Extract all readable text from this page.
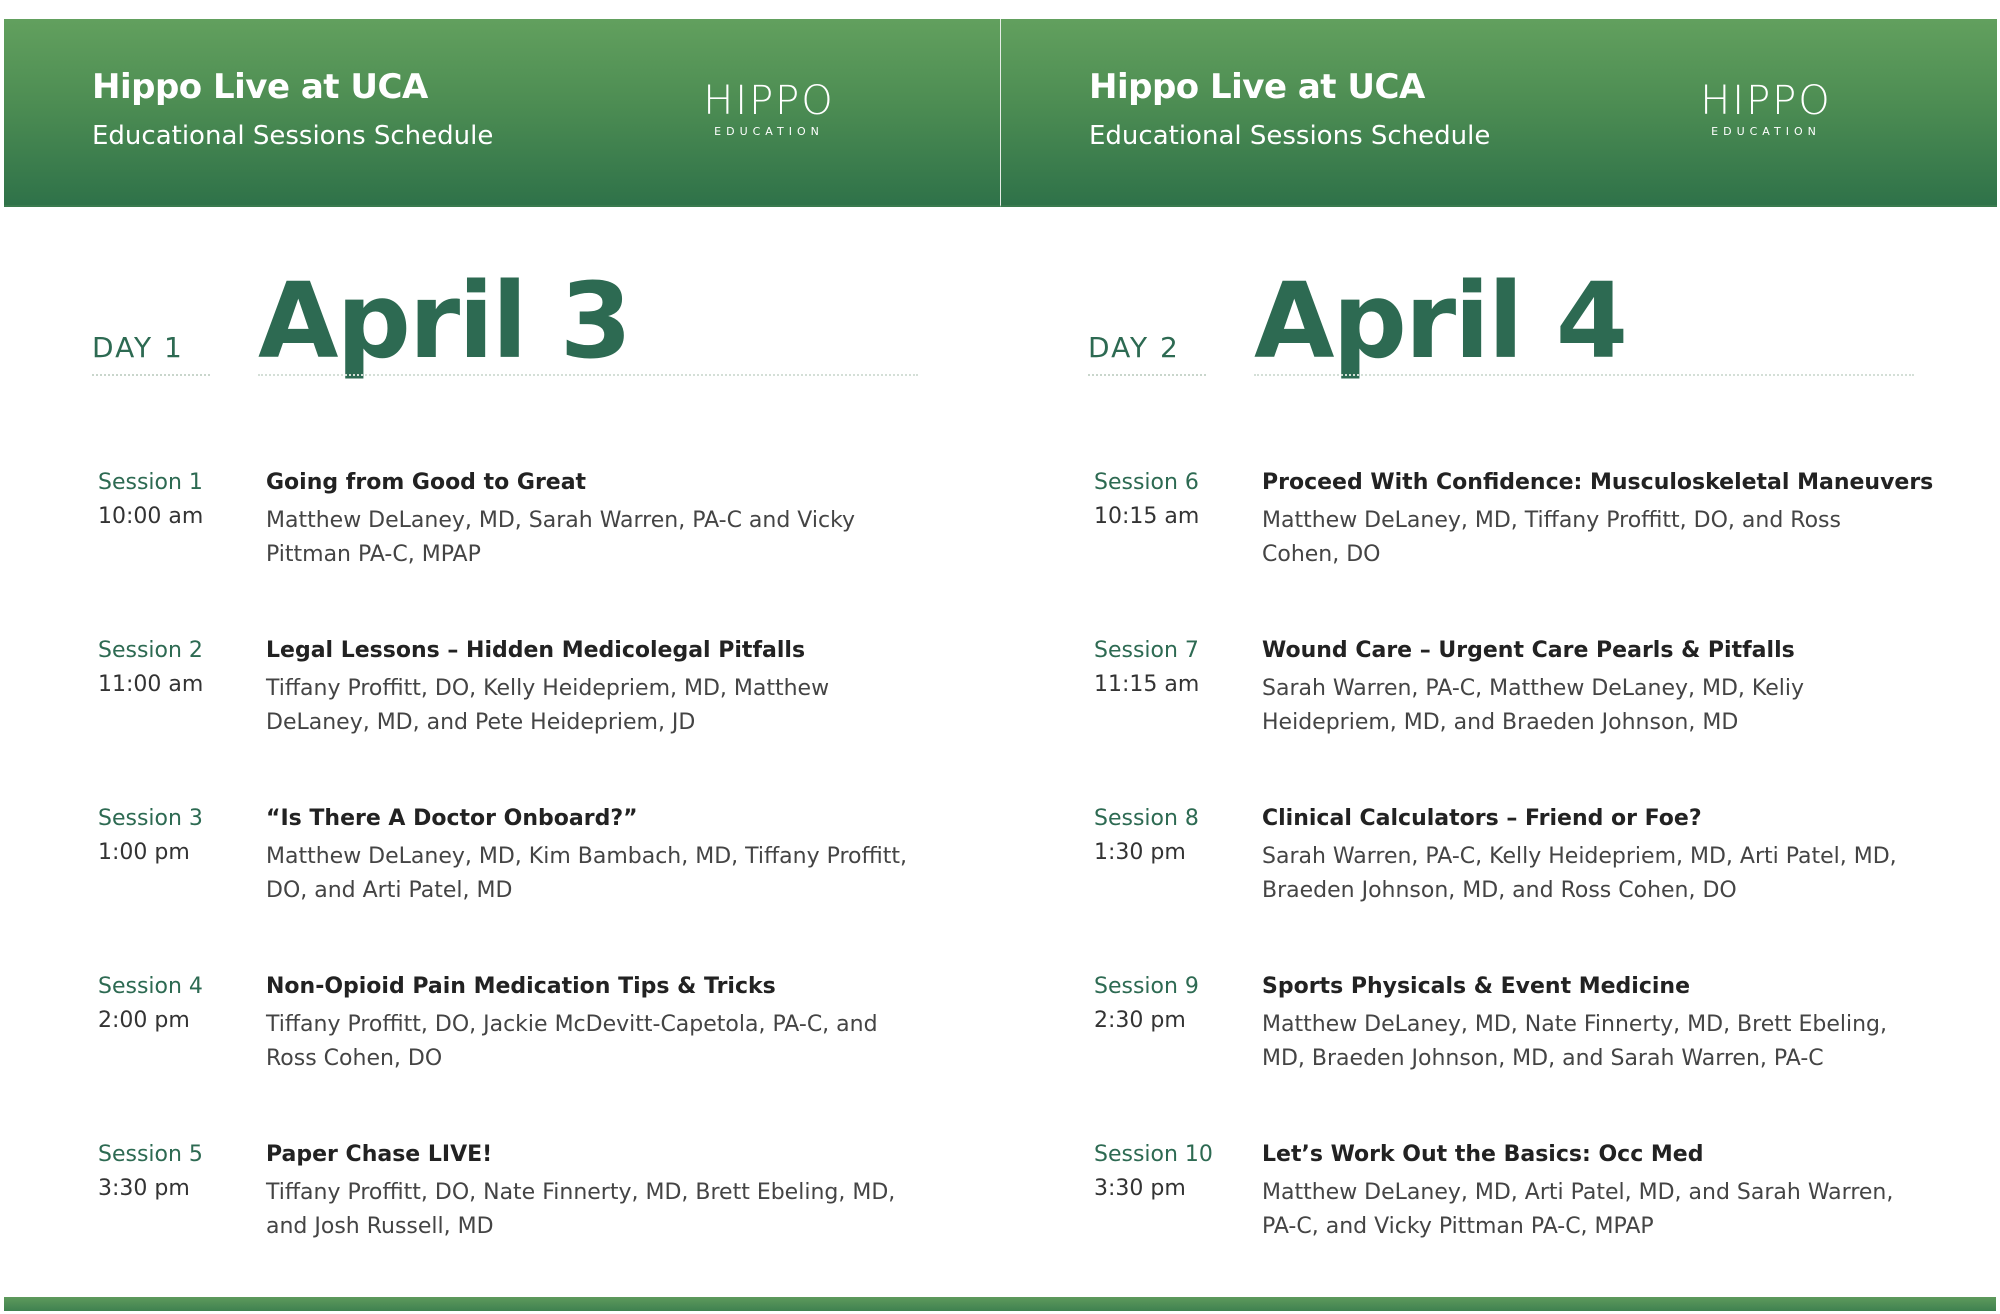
Hippo Live at UCA
Educational Sessions Schedule
HIPPO
EDUCATION
DAY 1 April 3
Session 1
10:00 am
Going from Good to Great
Matthew DeLaney, MD, Sarah Warren, PA-C and Vicky Pittman PA-C, MPAP
Session 2
11:00 am
Legal Lessons – Hidden Medicolegal Pitfalls
Tiffany Proffitt, DO, Kelly Heidepriem, MD, Matthew DeLaney, MD, and Pete Heidepriem, JD
Session 3
1:00 pm
“Is There A Doctor Onboard?”
Matthew DeLaney, MD, Kim Bambach, MD, Tiffany Proffitt, DO, and Arti Patel, MD
Session 4
2:00 pm
Non-Opioid Pain Medication Tips & Tricks
Tiffany Proffitt, DO, Jackie McDevitt-Capetola, PA-C, and Ross Cohen, DO
Session 5
3:30 pm
Paper Chase LIVE!
Tiffany Proffitt, DO, Nate Finnerty, MD, Brett Ebeling, MD, and Josh Russell, MD
Hippo Live at UCA
Educational Sessions Schedule
HIPPO
EDUCATION
DAY 2 April 4
Session 6
10:15 am
Proceed With Confidence: Musculoskeletal Maneuvers
Matthew DeLaney, MD, Tiffany Proffitt, DO, and Ross Cohen, DO
Session 7
11:15 am
Wound Care – Urgent Care Pearls & Pitfalls
Sarah Warren, PA-C, Matthew DeLaney, MD, Keliy Heidepriem, MD, and Braeden Johnson, MD
Session 8
1:30 pm
Clinical Calculators – Friend or Foe?
Sarah Warren, PA-C, Kelly Heidepriem, MD, Arti Patel, MD, Braeden Johnson, MD, and Ross Cohen, DO
Session 9
2:30 pm
Sports Physicals & Event Medicine
Matthew DeLaney, MD, Nate Finnerty, MD, Brett Ebeling, MD, Braeden Johnson, MD, and Sarah Warren, PA-C
Session 10
3:30 pm
Let’s Work Out the Basics: Occ Med
Matthew DeLaney, MD, Arti Patel, MD, and Sarah Warren, PA-C, and Vicky Pittman PA-C, MPAP
